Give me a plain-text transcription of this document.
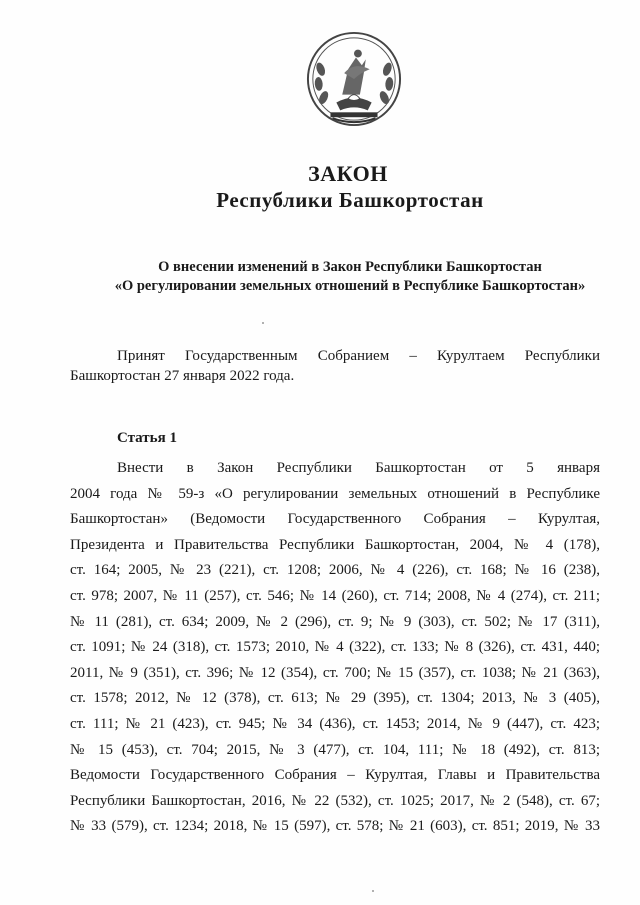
ЗАКОН
Республики Башкортостан
О внесении изменений в Закон Республики Башкортостан
«О регулировании земельных отношений в Республике Башкортостан»
Принят Государственным Собранием – Курултаем Республики
Башкортостан 27 января 2022 года.
Статья 1
Внести в Закон Республики Башкортостан от 5 января
2004 года № 59-з «О регулировании земельных отношений в Республике
Башкортостан» (Ведомости Государственного Собрания – Курултая,
Президента и Правительства Республики Башкортостан, 2004, № 4 (178),
ст. 164; 2005, № 23 (221), ст. 1208; 2006, № 4 (226), ст. 168; № 16 (238),
ст. 978; 2007, № 11 (257), ст. 546; № 14 (260), ст. 714; 2008, № 4 (274), ст. 211;
№ 11 (281), ст. 634; 2009, № 2 (296), ст. 9; № 9 (303), ст. 502; № 17 (311),
ст. 1091; № 24 (318), ст. 1573; 2010, № 4 (322), ст. 133; № 8 (326), ст. 431, 440;
2011, № 9 (351), ст. 396; № 12 (354), ст. 700; № 15 (357), ст. 1038; № 21 (363),
ст. 1578; 2012, № 12 (378), ст. 613; № 29 (395), ст. 1304; 2013, № 3 (405),
ст. 111; № 21 (423), ст. 945; № 34 (436), ст. 1453; 2014, № 9 (447), ст. 423;
№ 15 (453), ст. 704; 2015, № 3 (477), ст. 104, 111; № 18 (492), ст. 813;
Ведомости Государственного Собрания – Курултая, Главы и Правительства
Республики Башкортостан, 2016, № 22 (532), ст. 1025; 2017, № 2 (548), ст. 67;
№ 33 (579), ст. 1234; 2018, № 15 (597), ст. 578; № 21 (603), ст. 851; 2019, № 33
